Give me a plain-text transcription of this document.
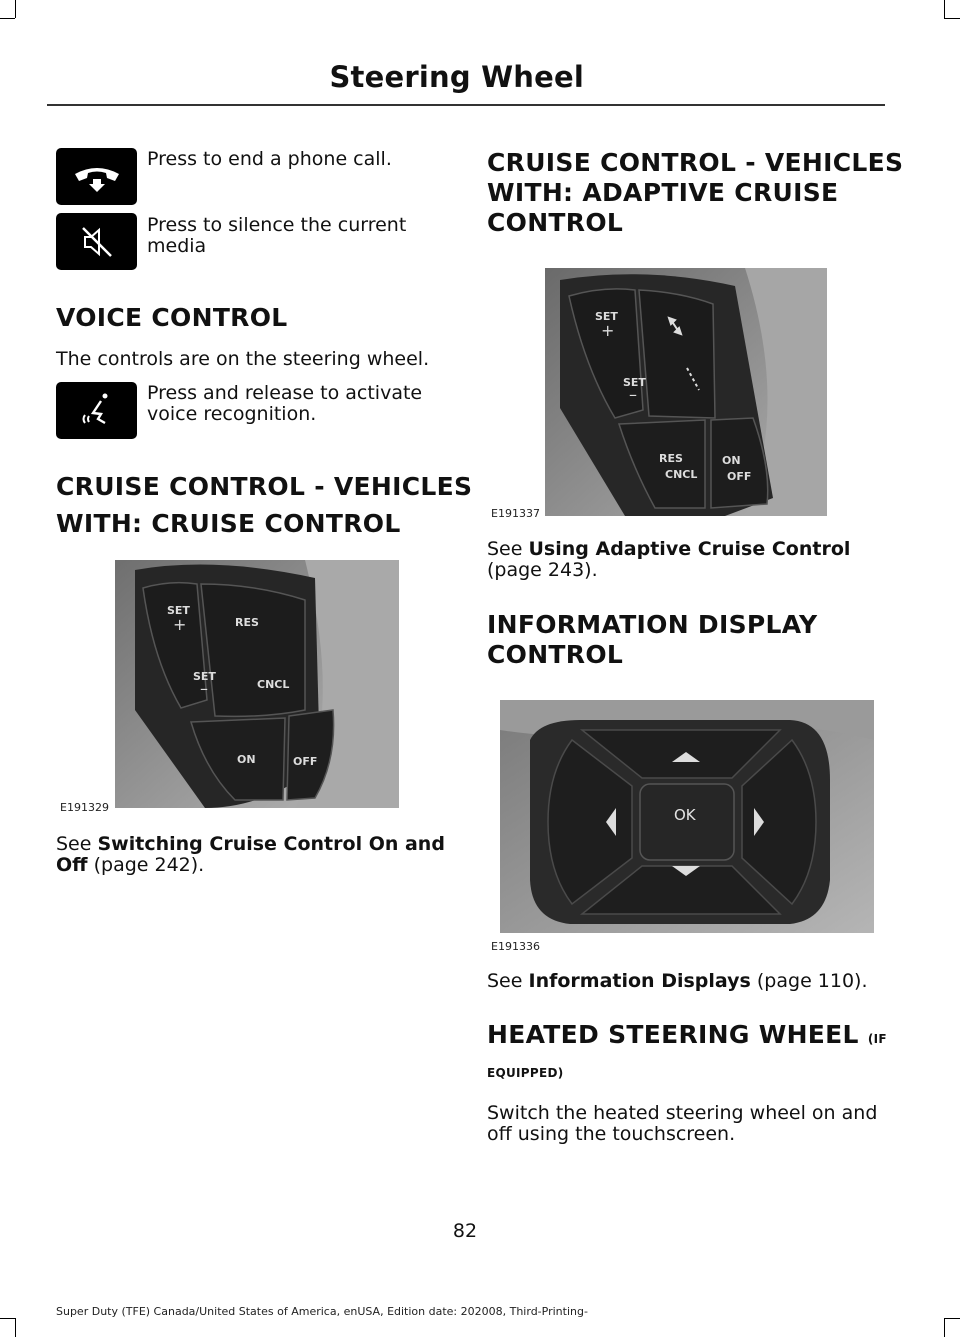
Steering Wheel
Press to end a phone call.
Press to silence the current media
VOICE CONTROL
The controls are on the steering wheel.
Press and release to activate voice recognition.
CRUISE CONTROL - VEHICLES
WITH: CRUISE CONTROL
SET
+
SET
–
RES
CNCL
ON	OFF
E191329
See Switching Cruise Control On and Off (page 242).
CRUISE CONTROL - VEHICLES
WITH: ADAPTIVE CRUISE
CONTROL
SET
+
SET
–
RES
CNCL
ON
OFF
E191337
See Using Adaptive Cruise Control
(page 243).
INFORMATION DISPLAY
CONTROL
OK
E191336
See Information Displays (page 110).
HEATED STEERING WHEEL (IF
EQUIPPED)
Switch the heated steering wheel on and off using the touchscreen.
82
Super Duty (TFE) Canada/United States of America, enUSA, Edition date: 202008, Third-Printing-
